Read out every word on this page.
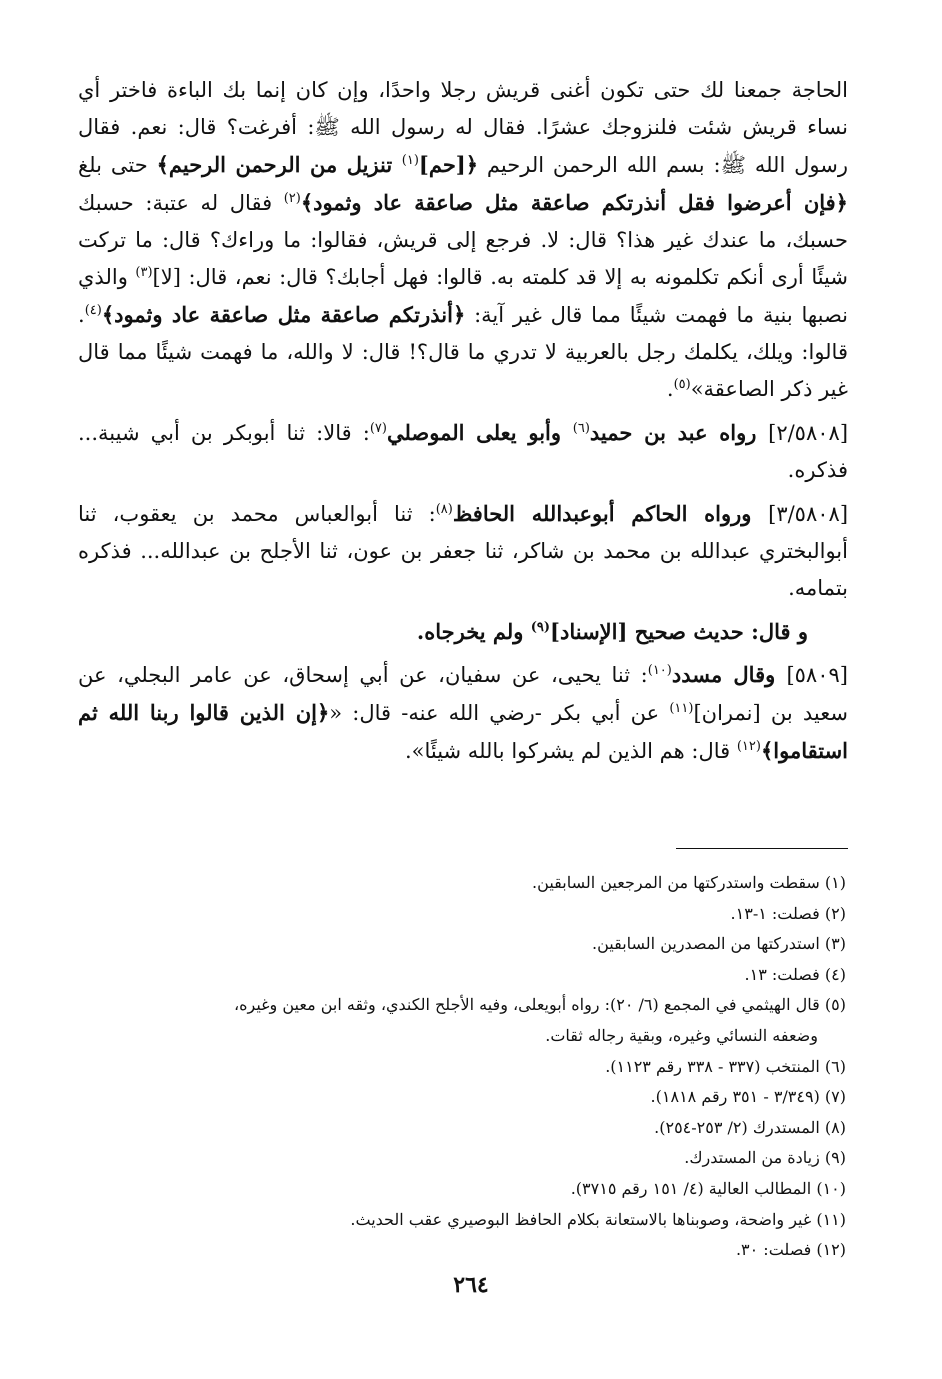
الحاجة جمعنا لك حتى تكون أغنى قريش رجلا واحدًا، وإن كان إنما بك الباءة فاختر أي نساء قريش شئت فلنزوجك عشرًا. فقال له رسول الله ﷺ: أفرغت؟ قال: نعم. فقال رسول الله ﷺ: بسم الله الرحمن الرحيم ﴿[حم]$^{(١)}$ تنزيل من الرحمن الرحيم﴾ حتى بلغ ﴿فإن أعرضوا فقل أنذرتكم صاعقة مثل صاعقة عاد وثمود﴾$^{(٢)}$ فقال له عتبة: حسبك حسبك، ما عندك غير هذا؟ قال: لا. فرجع إلى قريش، فقالوا: ما وراءك؟ قال: ما تركت شيئًا أرى أنكم تكلمونه به إلا قد كلمته به. قالوا: فهل أجابك؟ قال: نعم، قال: [لا]$^{(٣)}$ والذي نصبها بنية ما فهمت شيئًا مما قال غير آية: ﴿أنذرتكم صاعقة مثل صاعقة عاد وثمود﴾$^{(٤)}$. قالوا: ويلك، يكلمك رجل بالعربية لا تدري ما قال؟! قال: لا والله، ما فهمت شيئًا مما قال غير ذكر الصاعقة»$^{(٥)}$.

[٢/٥٨٠٨] رواه عبد بن حميد$^{(٦)}$ وأبو يعلى الموصلي$^{(٧)}$: قالا: ثنا أبوبكر بن أبي شيبة... فذكره.

[٣/٥٨٠٨] ورواه الحاكم أبوعبدالله الحافظ$^{(٨)}$: ثنا أبوالعباس محمد بن يعقوب، ثنا أبوالبختري عبدالله بن محمد بن شاكر، ثنا جعفر بن عون، ثنا الأجلح بن عبدالله... فذكره بتمامه.

و قال: حديث صحيح [الإسناد]$^{(٩)}$ ولم يخرجاه.

[٥٨٠٩] وقال مسدد$^{(١٠)}$: ثنا يحيى، عن سفيان، عن أبي إسحاق، عن عامر البجلي، عن سعيد بن [نمران]$^{(١١)}$ عن أبي بكر -رضي الله عنه- قال: «﴿إن الذين قالوا ربنا الله ثم استقاموا﴾$^{(١٢)}$ قال: هم الذين لم يشركوا بالله شيئًا».

(١) سقطت واستدركتها من المرجعين السابقين.
(٢) فصلت: ١-١٣.
(٣) استدركتها من المصدرين السابقين.
(٤) فصلت: ١٣.
(٥) قال الهيثمي في المجمع (٦/ ٢٠): رواه أبويعلى، وفيه الأجلح الكندي، وثقه ابن معين وغيره،
وضعفه النسائي وغيره، وبقية رجاله ثقات.
(٦) المنتخب (٣٣٧ - ٣٣٨ رقم ١١٢٣).
(٧) (٣/٣٤٩ - ٣٥١ رقم ١٨١٨).
(٨) المستدرك (٢/ ٢٥٣-٢٥٤).
(٩) زيادة من المستدرك.
(١٠) المطالب العالية (٤/ ١٥١ رقم ٣٧١٥).
(١١) غير واضحة، وصوبناها بالاستعانة بكلام الحافظ البوصيري عقب الحديث.
(١٢) فصلت: ٣٠.
٢٦٤
